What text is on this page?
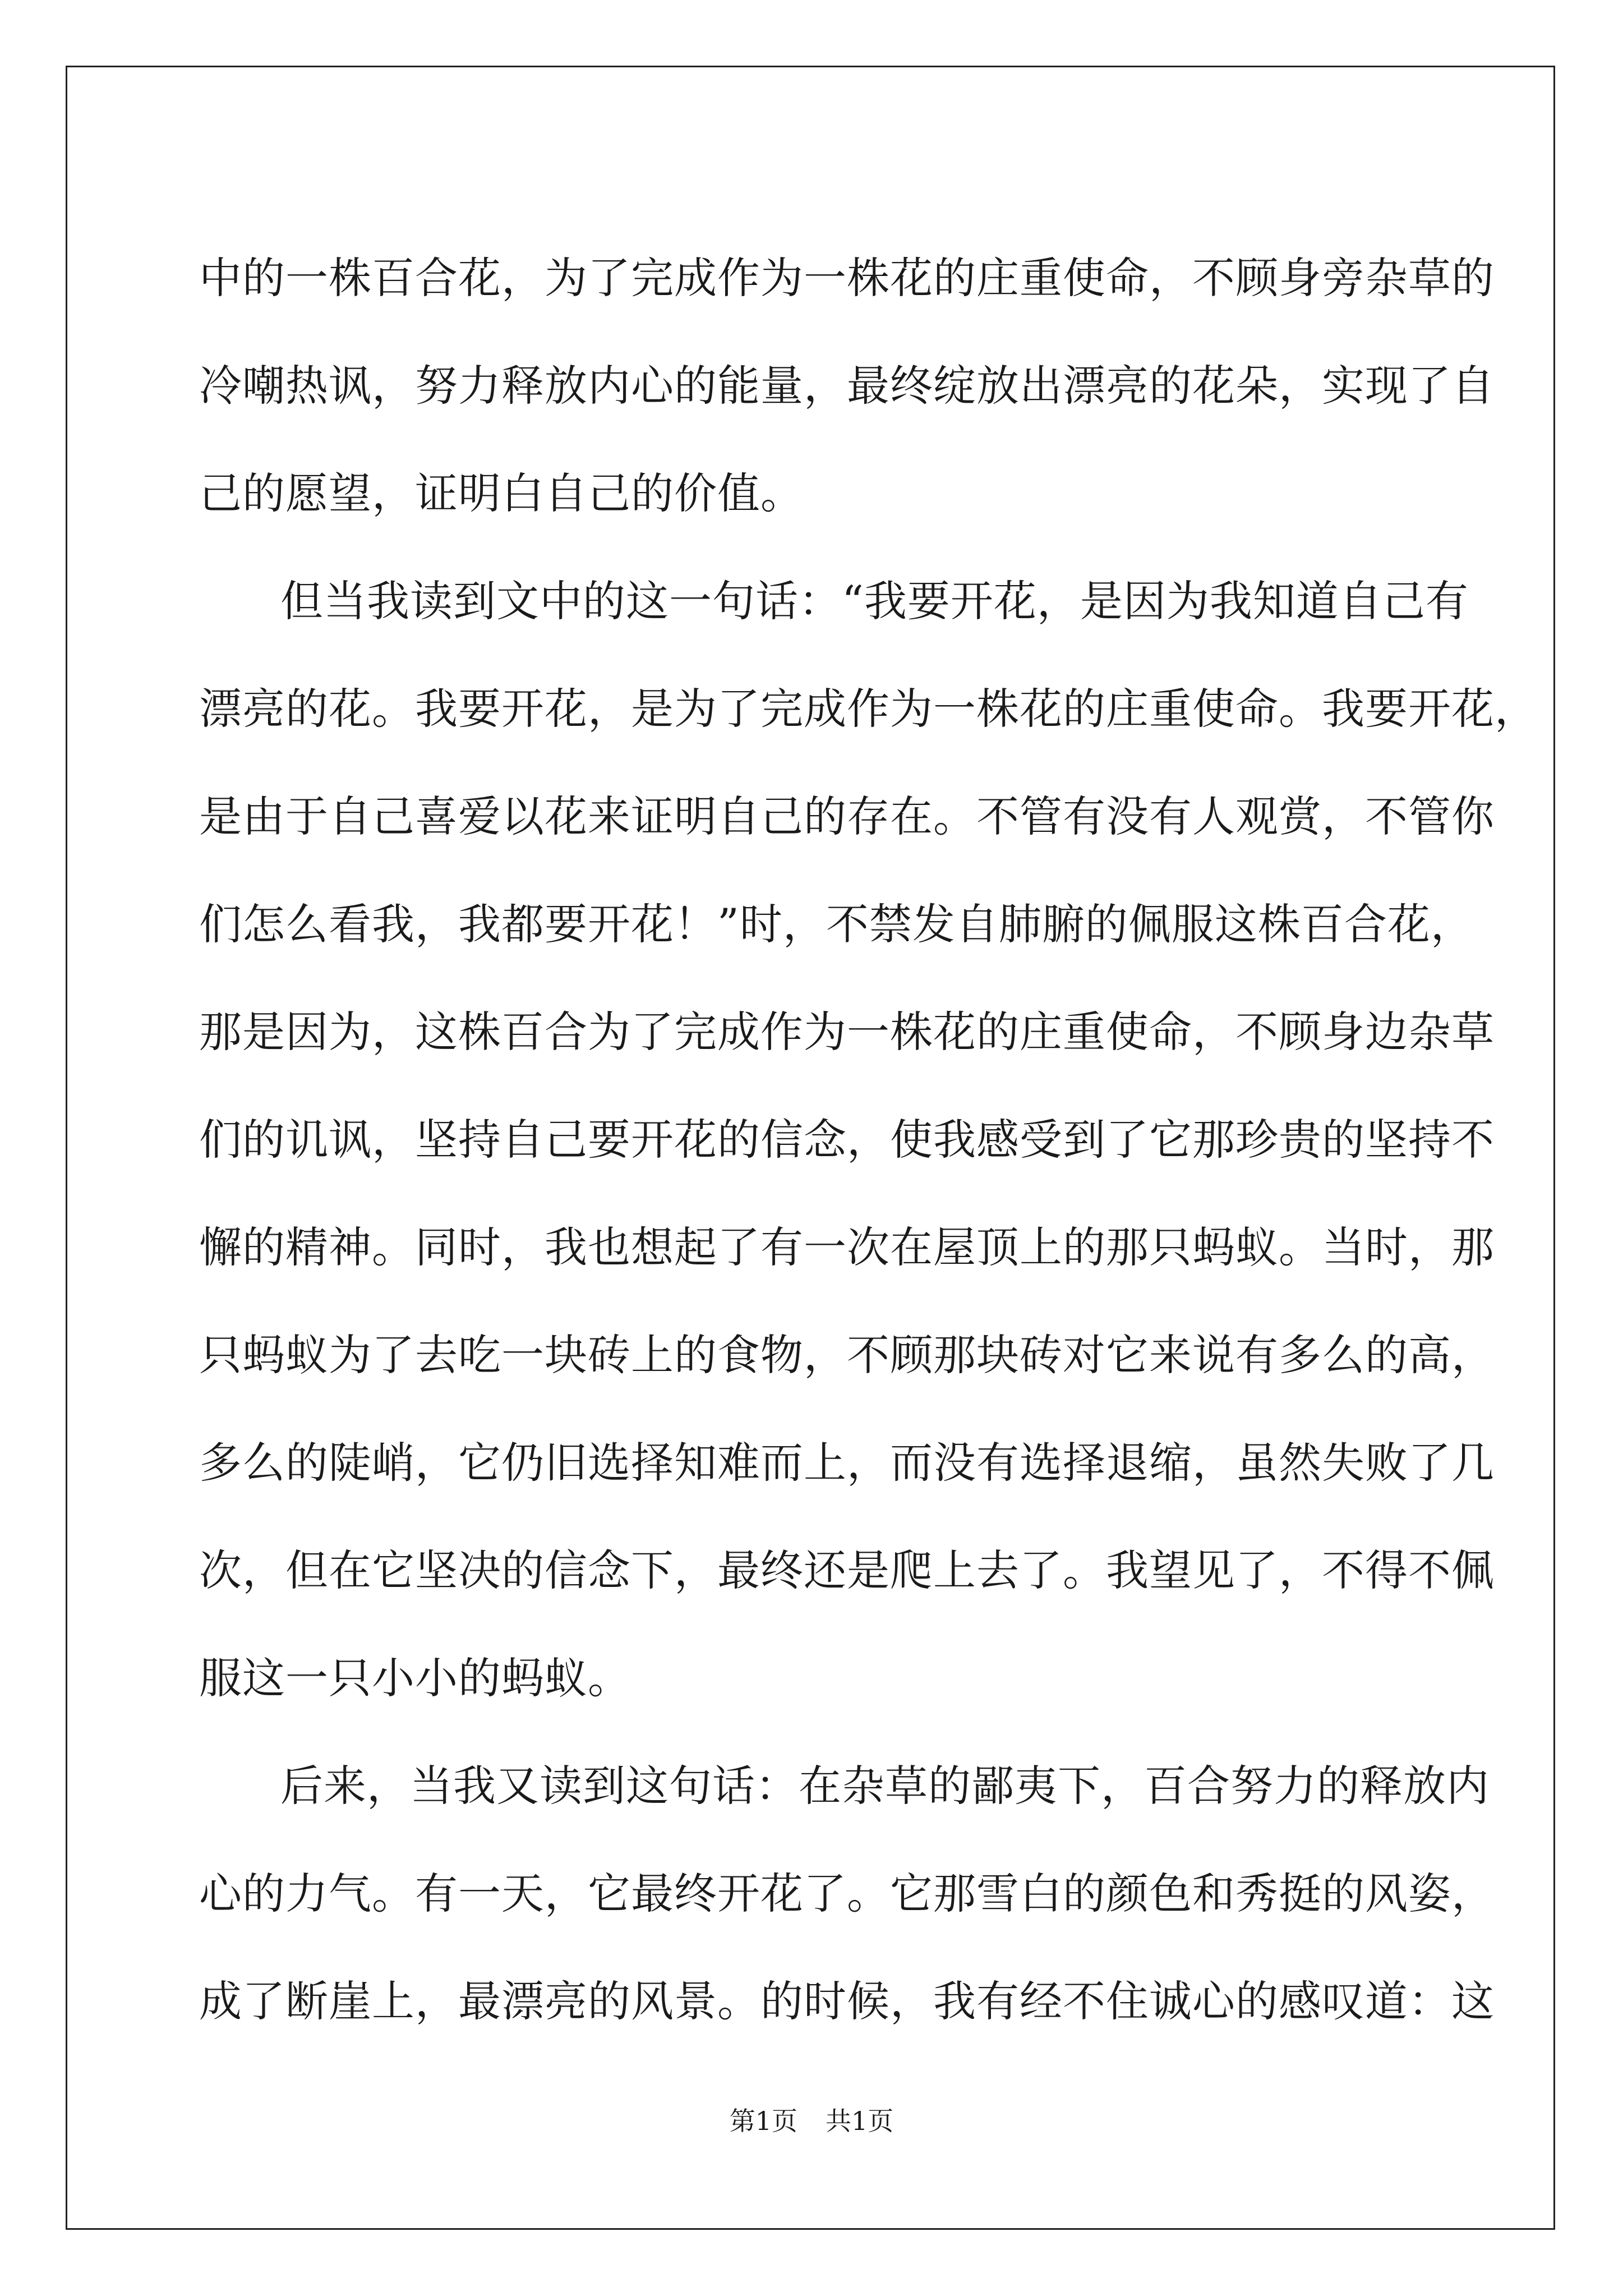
中的一株百合花，为了完成作为一株花的庄重使命，不顾身旁杂草的
冷嘲热讽，努力释放内心的能量，最终绽放出漂亮的花朵，实现了自
己的愿望，证明白自己的价值。
但当我读到文中的这一句话：“我要开花，是因为我知道自己有
漂亮的花。我要开花，是为了完成作为一株花的庄重使命。我要开花，
是由于自己喜爱以花来证明自己的存在。不管有没有人观赏，不管你
们怎么看我，我都要开花！”时，不禁发自肺腑的佩服这株百合花，
那是因为，这株百合为了完成作为一株花的庄重使命，不顾身边杂草
们的讥讽，坚持自己要开花的信念，使我感受到了它那珍贵的坚持不
懈的精神。同时，我也想起了有一次在屋顶上的那只蚂蚁。当时，那
只蚂蚁为了去吃一块砖上的食物，不顾那块砖对它来说有多么的高，
多么的陡峭，它仍旧选择知难而上，而没有选择退缩，虽然失败了几
次，但在它坚决的信念下，最终还是爬上去了。我望见了，不得不佩
服这一只小小的蚂蚁。
后来，当我又读到这句话：在杂草的鄙夷下，百合努力的释放内
心的力气。有一天，它最终开花了。它那雪白的颜色和秀挺的风姿，
成了断崖上，最漂亮的风景。的时候，我有经不住诚心的感叹道：这
第1页 共1页
